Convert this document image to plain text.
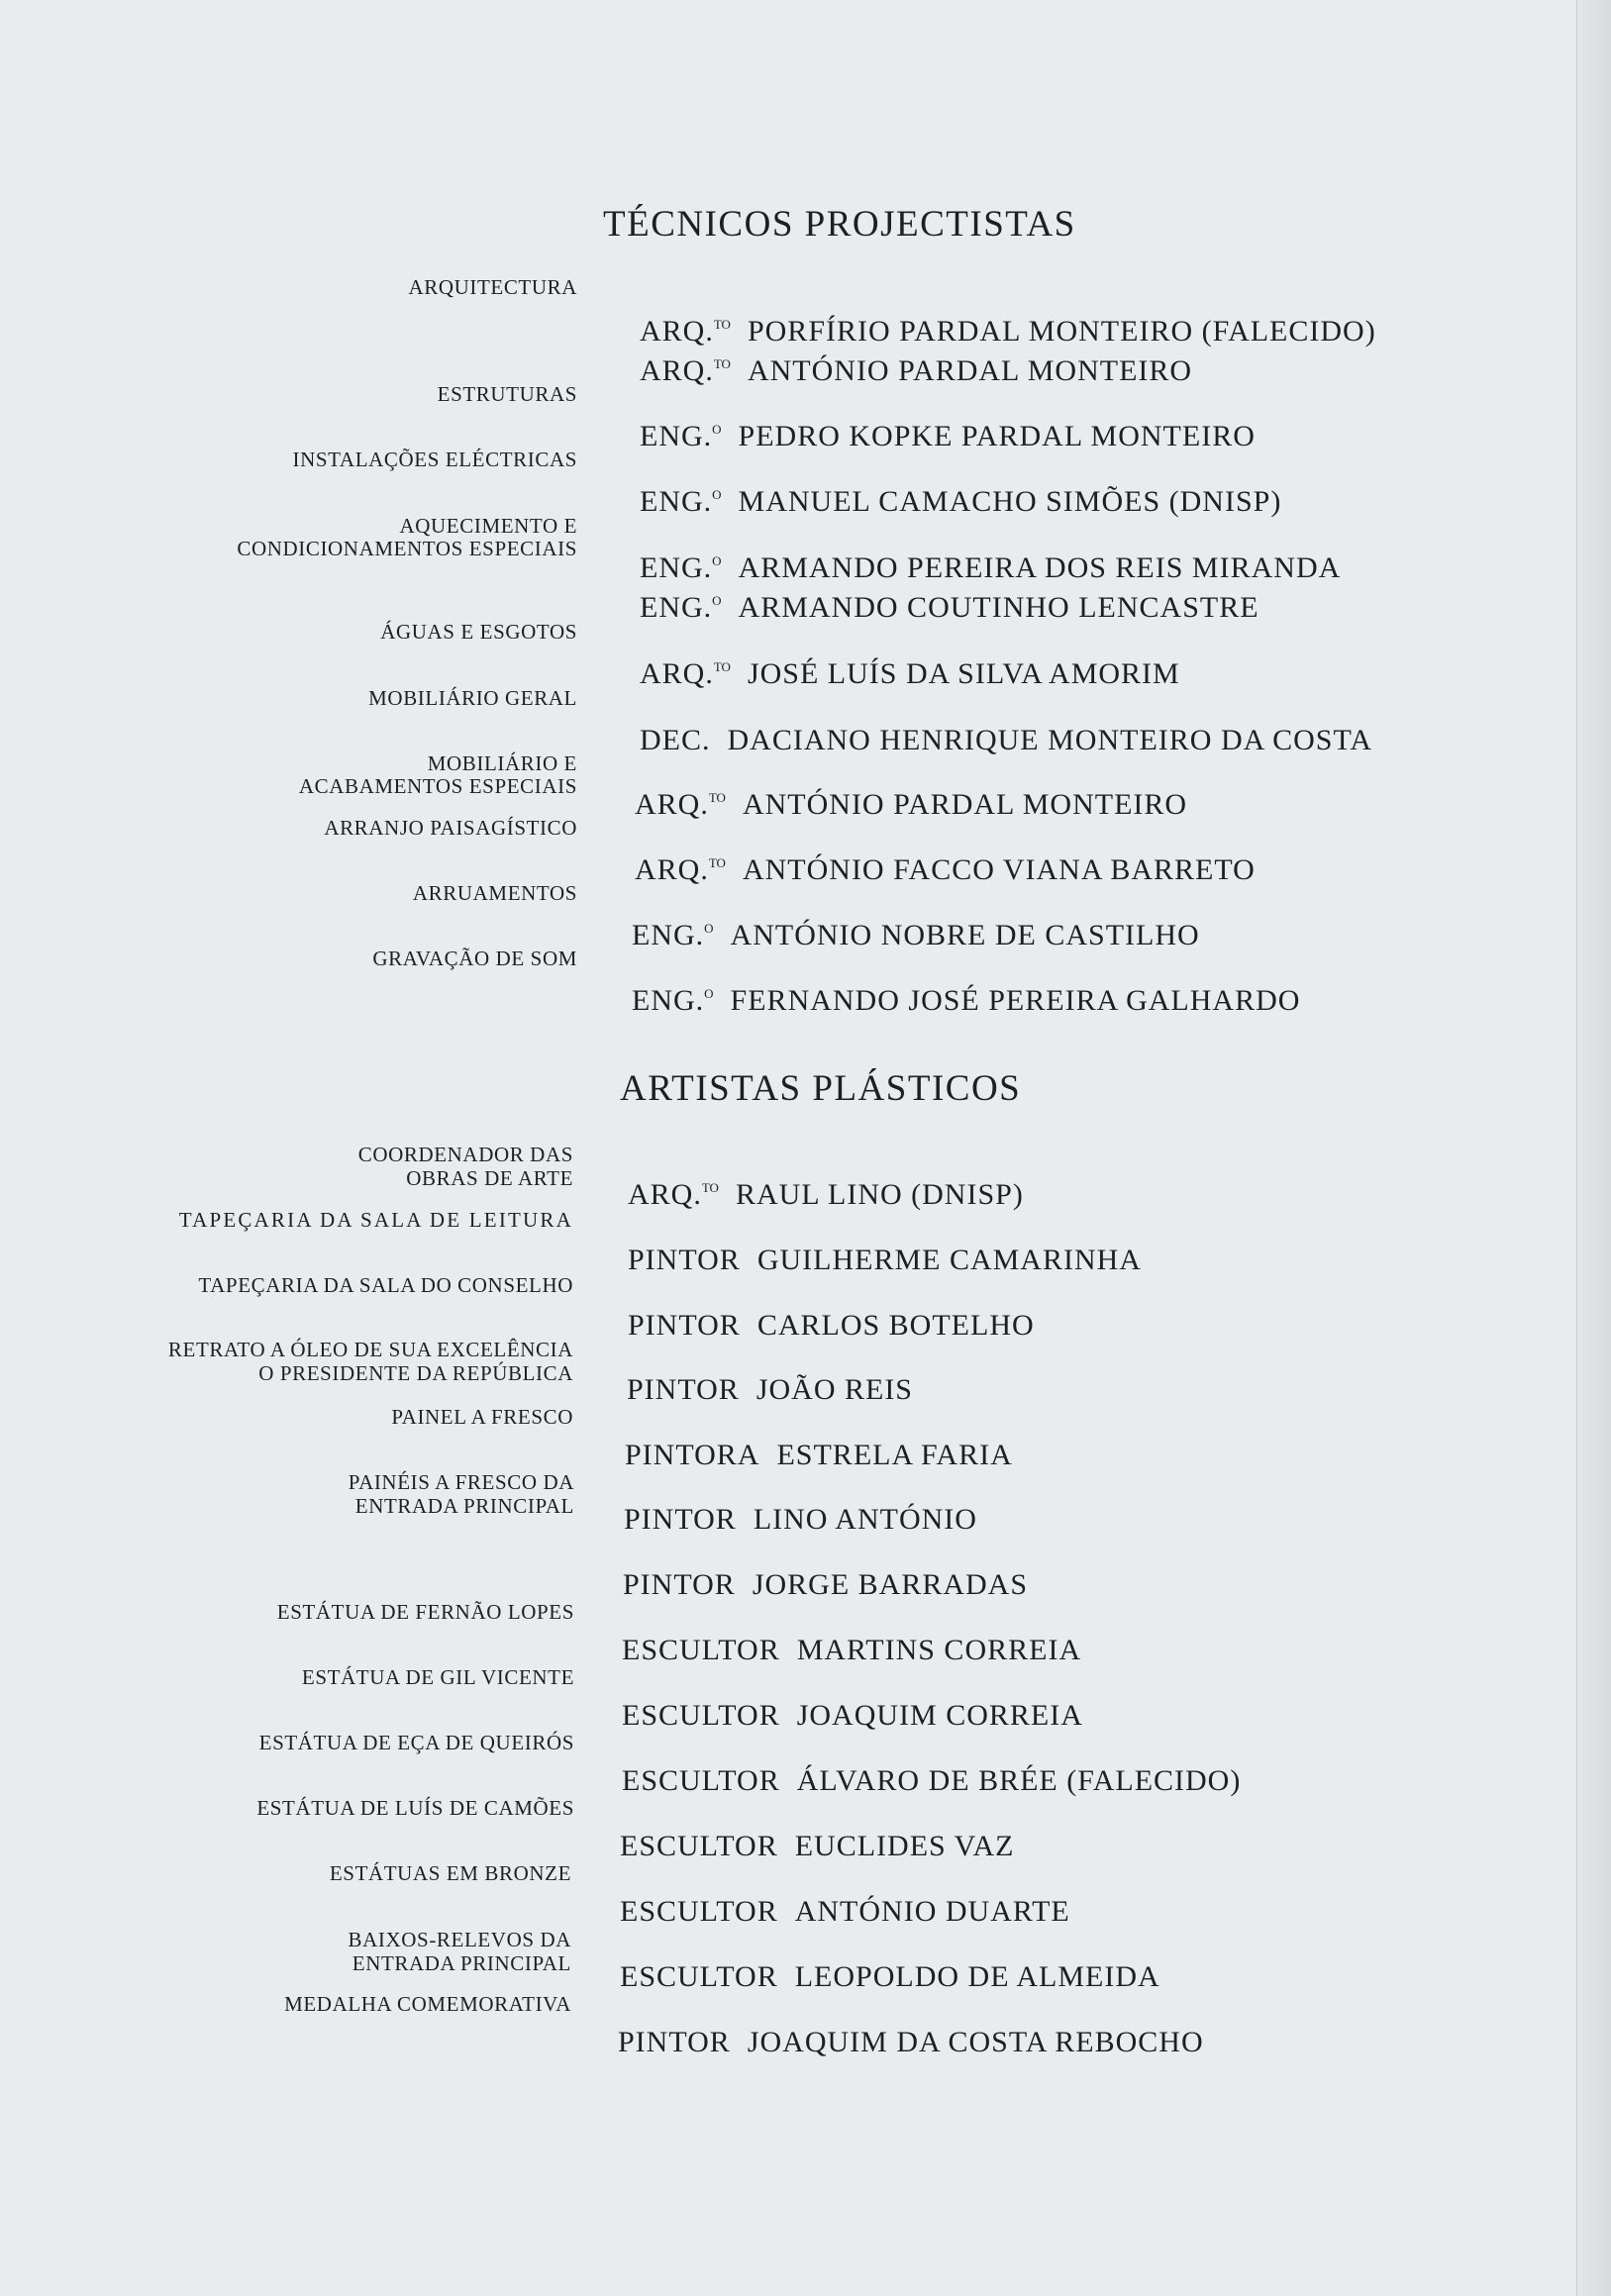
TÉCNICOS PROJECTISTAS
ARTISTAS PLÁSTICOS
ARQUITECTURA
ESTRUTURAS
INSTALAÇÕES ELÉCTRICAS
AQUECIMENTO E
CONDICIONAMENTOS ESPECIAIS
ÁGUAS E ESGOTOS
MOBILIÁRIO GERAL
MOBILIÁRIO E
ACABAMENTOS ESPECIAIS
ARRANJO PAISAGÍSTICO
ARRUAMENTOS
GRAVAÇÃO DE SOM
ARQ.$^{TO}$ PORFÍRIO PARDAL MONTEIRO (FALECIDO)
ARQ.$^{TO}$ ANTÓNIO PARDAL MONTEIRO
ENG.$^O$ PEDRO KOPKE PARDAL MONTEIRO
ENG.$^O$ MANUEL CAMACHO SIMÕES (DNISP)
ENG.$^O$ ARMANDO PEREIRA DOS REIS MIRANDA
ENG.$^O$ ARMANDO COUTINHO LENCASTRE
ARQ.$^{TO}$ JOSÉ LUÍS DA SILVA AMORIM
DEC. DACIANO HENRIQUE MONTEIRO DA COSTA
ARQ.$^{TO}$ ANTÓNIO PARDAL MONTEIRO
ARQ.$^{TO}$ ANTÓNIO FACCO VIANA BARRETO
ENG.$^O$ ANTÓNIO NOBRE DE CASTILHO
ENG.$^O$ FERNANDO JOSÉ PEREIRA GALHARDO
COORDENADOR DAS
OBRAS DE ARTE
TAPEÇARIA DA SALA DE LEITURA
TAPEÇARIA DA SALA DO CONSELHO
RETRATO A ÓLEO DE SUA EXCELÊNCIA
O PRESIDENTE DA REPÚBLICA
PAINEL A FRESCO
PAINÉIS A FRESCO DA
ENTRADA PRINCIPAL
ESTÁTUA DE FERNÃO LOPES
ESTÁTUA DE GIL VICENTE
ESTÁTUA DE EÇA DE QUEIRÓS
ESTÁTUA DE LUÍS DE CAMÕES
ESTÁTUAS EM BRONZE
BAIXOS-RELEVOS DA
ENTRADA PRINCIPAL
MEDALHA COMEMORATIVA
ARQ.$^{TO}$ RAUL LINO (DNISP)
PINTOR GUILHERME CAMARINHA
PINTOR CARLOS BOTELHO
PINTOR JOÃO REIS
PINTORA ESTRELA FARIA
PINTOR LINO ANTÓNIO
PINTOR JORGE BARRADAS
ESCULTOR MARTINS CORREIA
ESCULTOR JOAQUIM CORREIA
ESCULTOR ÁLVARO DE BRÉE (FALECIDO)
ESCULTOR EUCLIDES VAZ
ESCULTOR ANTÓNIO DUARTE
ESCULTOR LEOPOLDO DE ALMEIDA
PINTOR JOAQUIM DA COSTA REBOCHO
